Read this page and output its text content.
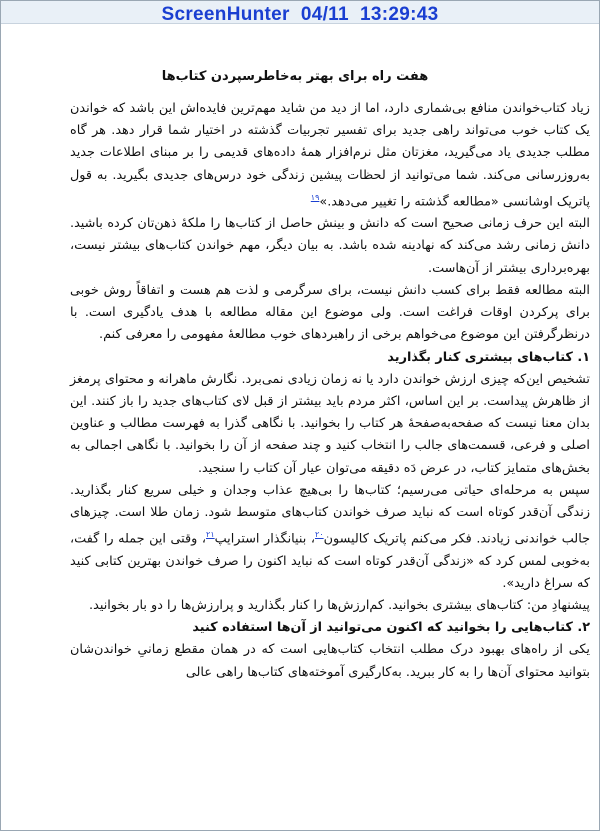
ScreenHunter  04/11  13:29:43
هفت راه برای بهتر به‌خاطرسپردن کتاب‌ها

زیاد کتاب‌خواندن منافع بی‌شماری دارد، اما از دید من شاید مهم‌ترین فایده‌اش این باشد که خواندن یک کتاب خوب می‌تواند راهی جدید برای تفسیر تجربیات گذشته در اختیار شما قرار دهد. هر گاه مطلب جدیدی یاد می‌گیرید، مغزتان مثل نرم‌افزار همهٔ داده‌های قدیمی را بر مبنای اطلاعات جدید به‌روزرسانی می‌کند. شما می‌توانید از لحظات پیشین زندگی خود درس‌های جدیدی بگیرید. به قول پاتریک اوشانسی «مطالعه گذشته را تغییر می‌دهد.»$^{۱۹}$

البته این حرف زمانی صحیح است که دانش و بینش حاصل از کتاب‌ها را ملکهٔ ذهن‌تان کرده باشید. دانش زمانی رشد می‌کند که نهادینه شده باشد. به بیان دیگر، مهم خواندن کتاب‌های بیشتر نیست، بهره‌برداری بیشتر از آن‌هاست.

البته مطالعه فقط برای کسب دانش نیست، برای سرگرمی و لذت هم هست و اتفاقاً روش خوبی برای پرکردن اوقات فراغت است. ولی موضوع این مقاله مطالعه با هدف یادگیری است. با درنظرگرفتن این موضوع می‌خواهم برخی از راهبردهای خوب مطالعهٔ مفهومی را معرفی کنم.

۱. کتاب‌های بیشتری کنار بگذارید

تشخیص این‌که چیزی ارزش خواندن دارد یا نه زمان زیادی نمی‌برد. نگارش ماهرانه و محتوای پرمغز از ظاهرش پیداست. بر این اساس، اکثر مردم باید بیشتر از قبل لای کتاب‌های جدید را باز کنند. این بدان معنا نیست که صفحه‌به‌صفحهٔ هر کتاب را بخوانید. با نگاهی گذرا به فهرست مطالب و عناوین اصلی و فرعی، قسمت‌های جالب را انتخاب کنید و چند صفحه از آن را بخوانید. با نگاهی اجمالی به بخش‌های متمایز کتاب، در عرض دَه دقیقه می‌توان عیار آن کتاب را سنجید.

سپس به مرحله‌ای حیاتی می‌رسیم؛ کتاب‌ها را بی‌هیچ عذاب وجدان و خیلی سریع کنار بگذارید. زندگی آن‌قدر کوتاه است که نباید صرف خواندن کتاب‌های متوسط شود. زمان طلا است. چیزهای جالب خواندنی زیادند. فکر می‌کنم پاتریک کالیسون$^{۲۰}$، بنیانگذار استرایپ$^{۲۱}$، وقتی این جمله را گفت، به‌خوبی لمس کرد که «زندگی آن‌قدر کوتاه است که نباید اکنون را صرف خواندن بهترین کتابی کنید که سراغ دارید».

پیشنهادِ من: کتاب‌های بیشتری بخوانید. کم‌ارزش‌ها را کنار بگذارید و پرارزش‌ها را دو بار بخوانید.

۲. کتاب‌هایی را بخوانید که اکنون می‌توانید از آن‌ها استفاده کنید

یکی از راه‌های بهبود درک مطلب انتخاب کتاب‌هایی است که در همان مقطع زمانیِ خواندن‌شان بتوانید محتوای آن‌ها را به کار ببرید. به‌کارگیری آموخته‌های کتاب‌ها راهی عالی
